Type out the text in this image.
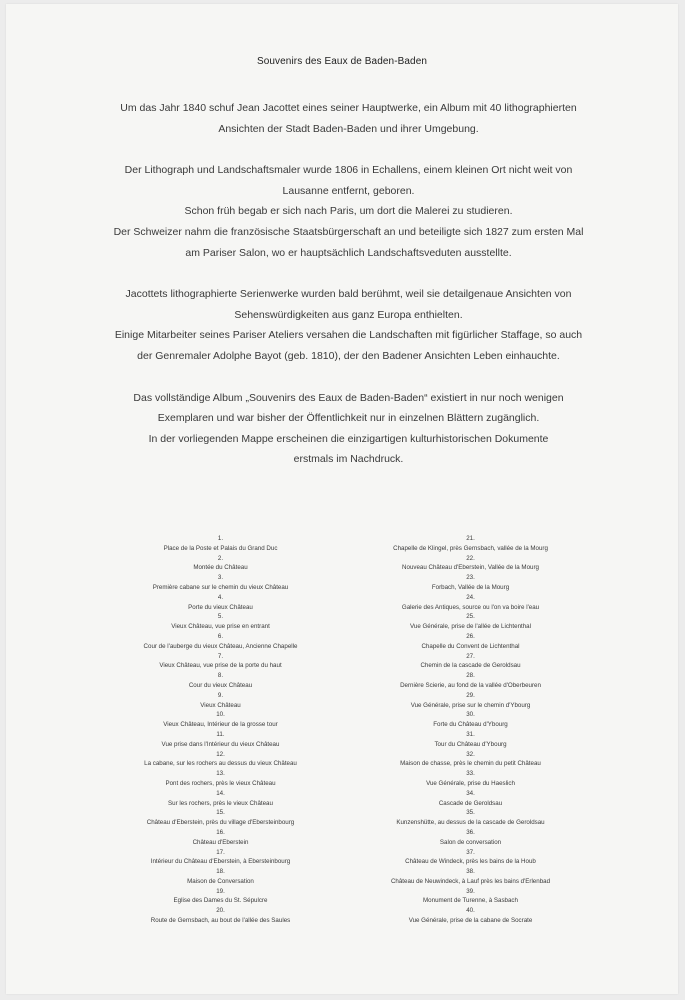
Souvenirs des Eaux de Baden-Baden

Um das Jahr 1840 schuf Jean Jacottet eines seiner Hauptwerke, ein Album mit 40 lithographierten
Ansichten der Stadt Baden-Baden und ihrer Umgebung.

Der Lithograph und Landschaftsmaler wurde 1806 in Echallens, einem kleinen Ort nicht weit von
Lausanne entfernt, geboren.
Schon früh begab er sich nach Paris, um dort die Malerei zu studieren.
Der Schweizer nahm die französische Staatsbürgerschaft an und beteiligte sich 1827 zum ersten Mal
am Pariser Salon, wo er hauptsächlich Landschaftsveduten ausstellte.

Jacottets lithographierte Serienwerke wurden bald berühmt, weil sie detailgenaue Ansichten von
Sehenswürdigkeiten aus ganz Europa enthielten.
Einige Mitarbeiter seines Pariser Ateliers versahen die Landschaften mit figürlicher Staffage, so auch
der Genremaler Adolphe Bayot (geb. 1810), der den Badener Ansichten Leben einhauchte.

Das vollständige Album „Souvenirs des Eaux de Baden-Baden“ existiert in nur noch wenigen
Exemplaren und war bisher der Öffentlichkeit nur in einzelnen Blättern zugänglich.
In der vorliegenden Mappe erscheinen die einzigartigen kulturhistorischen Dokumente
erstmals im Nachdruck.

1.
Place de la Poste et Palais du Grand Duc
2.
Montée du Château
3.
Première cabane sur le chemin du vieux Château
4.
Porte du vieux Château
5.
Vieux Château, vue prise en entrant
6.
Cour de l'auberge du vieux Château, Ancienne Chapelle
7.
Vieux Château, vue prise de la porte du haut
8.
Cour du vieux Château
9.
Vieux Château
10.
Vieux Château, Intérieur de la grosse tour
11.
Vue prise dans l'Intérieur du vieux Château
12.
La cabane, sur les rochers au dessus du vieux Château
13.
Pont des rochers, près le vieux Château
14.
Sur les rochers, près le vieux Château
15.
Château d'Eberstein, près du village d'Ebersteinbourg
16.
Château d'Eberstein
17.
Intérieur du Château d'Eberstein, à Ebersteinbourg
18.
Maison de Conversation
19.
Eglise des Dames du St. Sépulcre
20.
Route de Gernsbach, au bout de l'allée des Saules
21.
Chapelle de Klingel, près Gernsbach, vallée de la Mourg
22.
Nouveau Château d'Eberstein, Vallée de la Mourg
23.
Forbach, Vallée de la Mourg
24.
Galerie des Antiques, source ou l'on va boire l'eau
25.
Vue Générale, prise de l'allée de Lichtenthal
26.
Chapelle du Convent de Lichtenthal
27.
Chemin de la cascade de Geroldsau
28.
Dernière Scierie, au fond de la vallée d'Oberbeuren
29.
Vue Générale, prise sur le chemin d'Ybourg
30.
Forte du Château d'Ybourg
31.
Tour du Château d'Ybourg
32.
Maison de chasse, près le chemin du petit Château
33.
Vue Générale, prise du Haeslich
34.
Cascade de Geroldsau
35.
Kunzenshütte, au dessus de la cascade de Geroldsau
36.
Salon de conversation
37.
Château de Windeck, près les bains de la Houb
38.
Château de Neuwindeck, à Lauf près les bains d'Erlenbad
39.
Monument de Turenne, à Sasbach
40.
Vue Générale, prise de la cabane de Socrate
